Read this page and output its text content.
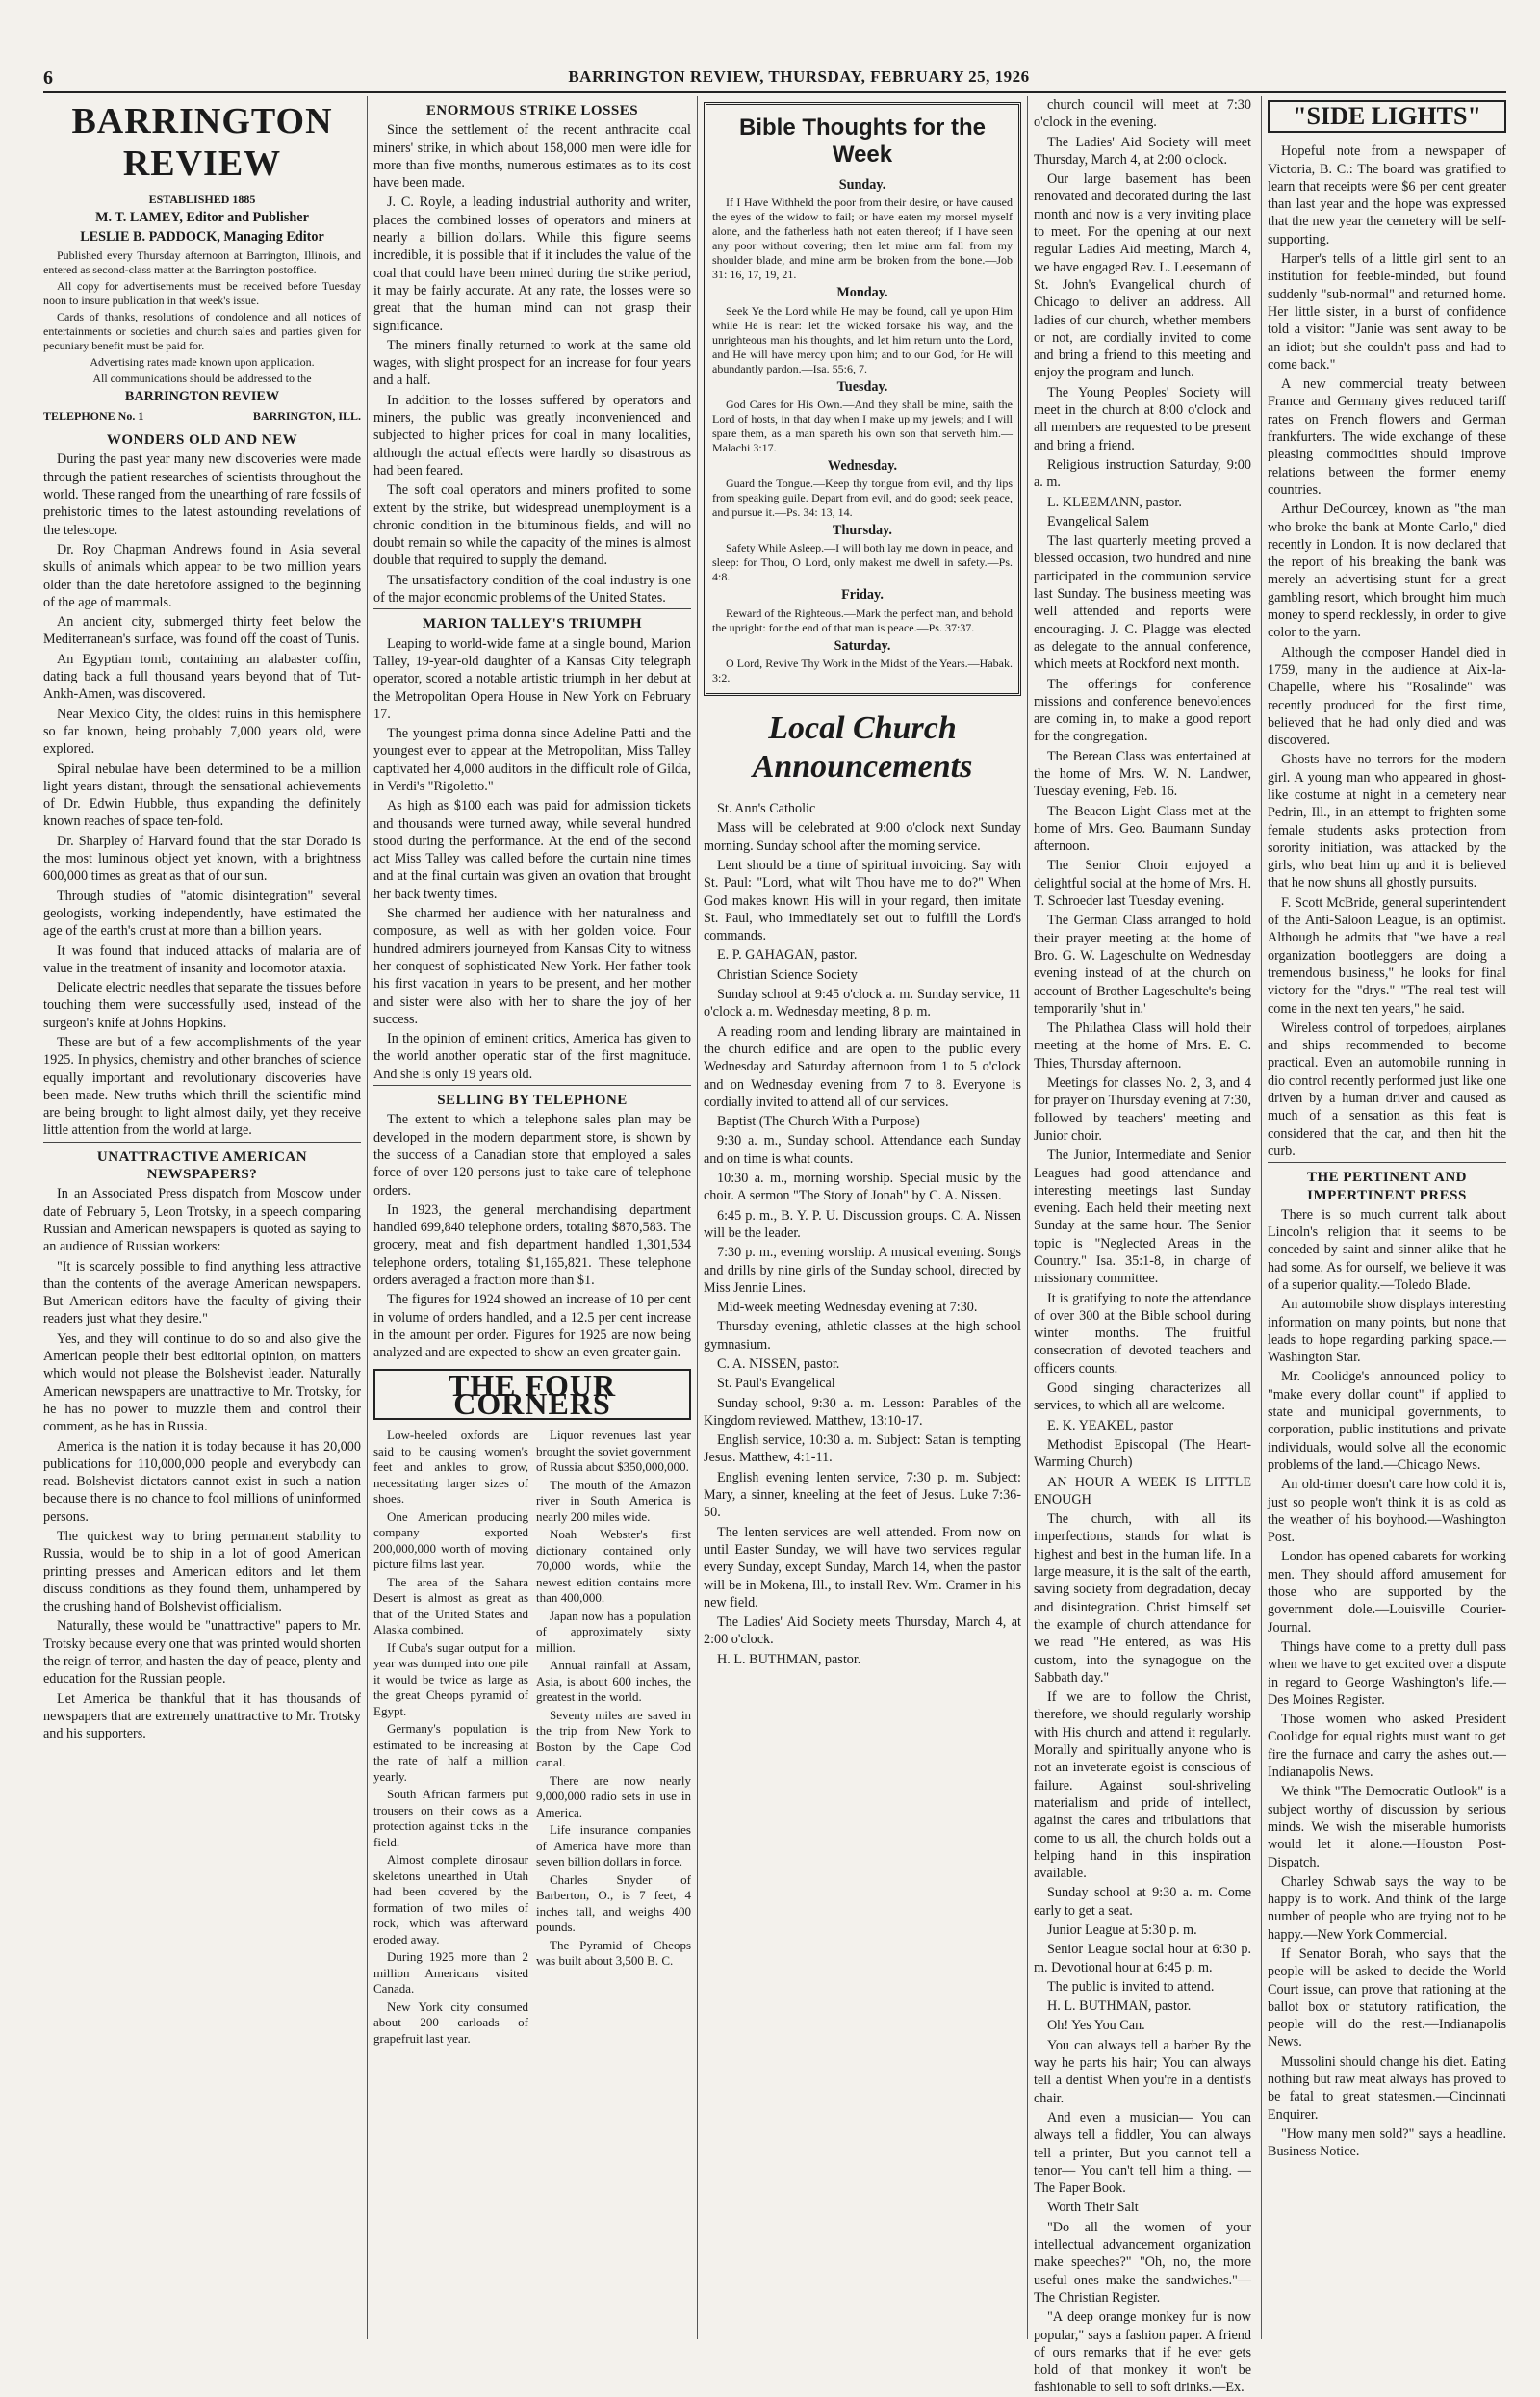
6	BARRINGTON REVIEW, THURSDAY, FEBRUARY 25, 1926
BARRINGTON REVIEW

ESTABLISHED 1885

M. T. LAMEY, Editor and Publisher

LESLIE B. PADDOCK, Managing Editor

Published every Thursday afternoon at Barrington, Illinois, and entered as second-class matter at the Barrington postoffice.

All copy for advertisements must be received before Tuesday noon to insure publication in that week's issue.

Cards of thanks, resolutions of condolence and all notices of entertainments or societies and church sales and parties given for pecuniary benefit must be paid for.

Advertising rates made known upon application.

All communications should be addressed to the

BARRINGTON REVIEW

TELEPHONE No. 1	BARRINGTON, ILL.

WONDERS OLD AND NEW

During the past year many new discoveries were made through the patient researches of scientists throughout the world. These ranged from the unearthing of rare fossils of prehistoric times to the latest astounding revelations of the telescope.

Dr. Roy Chapman Andrews found in Asia several skulls of animals which appear to be two million years older than the date heretofore assigned to the beginning of the age of mammals.

An ancient city, submerged thirty feet below the Mediterranean's surface, was found off the coast of Tunis.

An Egyptian tomb, containing an alabaster coffin, dating back a full thousand years beyond that of Tut-Ankh-Amen, was discovered.

Near Mexico City, the oldest ruins in this hemisphere so far known, being probably 7,000 years old, were explored.

Spiral nebulae have been determined to be a million light years distant, through the sensational achievements of Dr. Edwin Hubble, thus expanding the definitely known reaches of space ten-fold.

Dr. Sharpley of Harvard found that the star Dorado is the most luminous object yet known, with a brightness 600,000 times as great as that of our sun.

Through studies of "atomic disintegration" several geologists, working independently, have estimated the age of the earth's crust at more than a billion years.

It was found that induced attacks of malaria are of value in the treatment of insanity and locomotor ataxia.

Delicate electric needles that separate the tissues before touching them were successfully used, instead of the surgeon's knife at Johns Hopkins.

These are but of a few accomplishments of the year 1925. In physics, chemistry and other branches of science equally important and revolutionary discoveries have been made. New truths which thrill the scientific mind are being brought to light almost daily, yet they receive little attention from the world at large.

UNATTRACTIVE AMERICAN NEWSPAPERS?

In an Associated Press dispatch from Moscow under date of February 5, Leon Trotsky, in a speech comparing Russian and American newspapers is quoted as saying to an audience of Russian workers:

"It is scarcely possible to find anything less attractive than the contents of the average American newspapers. But American editors have the faculty of giving their readers just what they desire."

Yes, and they will continue to do so and also give the American people their best editorial opinion, on matters which would not please the Bolshevist leader. Naturally American newspapers are unattractive to Mr. Trotsky, for he has no power to muzzle them and control their comment, as he has in Russia.

America is the nation it is today because it has 20,000 publications for 110,000,000 people and everybody can read. Bolshevist dictators cannot exist in such a nation because there is no chance to fool millions of uninformed persons.

The quickest way to bring permanent stability to Russia, would be to ship in a lot of good American printing presses and American editors and let them discuss conditions as they found them, unhampered by the crushing hand of Bolshevist officialism.

Naturally, these would be "unattractive" papers to Mr. Trotsky because every one that was printed would shorten the reign of terror, and hasten the day of peace, plenty and education for the Russian people.

Let America be thankful that it has thousands of newspapers that are extremely unattractive to Mr. Trotsky and his supporters.

ENORMOUS STRIKE LOSSES

Since the settlement of the recent anthracite coal miners' strike, in which about 158,000 men were idle for more than five months, numerous estimates as to its cost have been made.

J. C. Royle, a leading industrial authority and writer, places the combined losses of operators and miners at nearly a billion dollars. While this figure seems incredible, it is possible that if it includes the value of the coal that could have been mined during the strike period, it may be fairly accurate. At any rate, the losses were so great that the human mind can not grasp their significance.

The miners finally returned to work at the same old wages, with slight prospect for an increase for four years and a half.

In addition to the losses suffered by operators and miners, the public was greatly inconvenienced and subjected to higher prices for coal in many localities, although the actual effects were hardly so disastrous as had been feared.

The soft coal operators and miners profited to some extent by the strike, but widespread unemployment is a chronic condition in the bituminous fields, and will no doubt remain so while the capacity of the mines is almost double that required to supply the demand.

The unsatisfactory condition of the coal industry is one of the major economic problems of the United States.

MARION TALLEY'S TRIUMPH

Leaping to world-wide fame at a single bound, Marion Talley, 19-year-old daughter of a Kansas City telegraph operator, scored a notable artistic triumph in her debut at the Metropolitan Opera House in New York on February 17.

The youngest prima donna since Adeline Patti and the youngest ever to appear at the Metropolitan, Miss Talley captivated her 4,000 auditors in the difficult role of Gilda, in Verdi's "Rigoletto."

As high as $100 each was paid for admission tickets and thousands were turned away, while several hundred stood during the performance. At the end of the second act Miss Talley was called before the curtain nine times and at the final curtain was given an ovation that brought her back twenty times.

She charmed her audience with her naturalness and composure, as well as with her golden voice. Four hundred admirers journeyed from Kansas City to witness her conquest of sophisticated New York. Her father took his first vacation in years to be present, and her mother and sister were also with her to share the joy of her success.

In the opinion of eminent critics, America has given to the world another operatic star of the first magnitude. And she is only 19 years old.

SELLING BY TELEPHONE

The extent to which a telephone sales plan may be developed in the modern department store, is shown by the success of a Canadian store that employed a sales force of over 120 persons just to take care of telephone orders.

In 1923, the general merchandising department handled 699,840 telephone orders, totaling $870,583. The grocery, meat and fish department handled 1,301,534 telephone orders, totaling $1,165,821. These telephone orders averaged a fraction more than $1.

The figures for 1924 showed an increase of 10 per cent in volume of orders handled, and a 12.5 per cent increase in the amount per order. Figures for 1925 are now being analyzed and are expected to show an even greater gain.

THE FOUR CORNERS

Low-heeled oxfords are said to be causing women's feet and ankles to grow, necessitating larger sizes of shoes.

One American producing company exported 200,000,000 worth of moving picture films last year.

The area of the Sahara Desert is almost as great as that of the United States and Alaska combined.

If Cuba's sugar output for a year was dumped into one pile it would be twice as large as the great Cheops pyramid of Egypt.

Germany's population is estimated to be increasing at the rate of half a million yearly.

South African farmers put trousers on their cows as a protection against ticks in the field.

Almost complete dinosaur skeletons unearthed in Utah had been covered by the formation of two miles of rock, which was afterward eroded away.

During 1925 more than 2 million Americans visited Canada.

New York city consumed about 200 carloads of grapefruit last year.

Liquor revenues last year brought the soviet government of Russia about $350,000,000.

The mouth of the Amazon river in South America is nearly 200 miles wide.

Noah Webster's first dictionary contained only 70,000 words, while the newest edition contains more than 400,000.

Japan now has a population of approximately sixty million.

Annual rainfall at Assam, Asia, is about 600 inches, the greatest in the world.

Seventy miles are saved in the trip from New York to Boston by the Cape Cod canal.

There are now nearly 9,000,000 radio sets in use in America.

Life insurance companies of America have more than seven billion dollars in force.

Charles Snyder of Barberton, O., is 7 feet, 4 inches tall, and weighs 400 pounds.

The Pyramid of Cheops was built about 3,500 B. C.

Bible Thoughts for the Week

Sunday.

If I Have Withheld the poor from their desire, or have caused the eyes of the widow to fail; or have eaten my morsel myself alone, and the fatherless hath not eaten thereof; if I have seen any poor without covering; then let mine arm fall from my shoulder blade, and mine arm be broken from the bone.—Job 31: 16, 17, 19, 21.

Monday.

Seek Ye the Lord while He may be found, call ye upon Him while He is near: let the wicked forsake his way, and the unrighteous man his thoughts, and let him return unto the Lord, and He will have mercy upon him; and to our God, for He will abundantly pardon.—Isa. 55:6, 7.

Tuesday.

God Cares for His Own.—And they shall be mine, saith the Lord of hosts, in that day when I make up my jewels; and I will spare them, as a man spareth his own son that serveth him.—Malachi 3:17.

Wednesday.

Guard the Tongue.—Keep thy tongue from evil, and thy lips from speaking guile. Depart from evil, and do good; seek peace, and pursue it.—Ps. 34: 13, 14.

Thursday.

Safety While Asleep.—I will both lay me down in peace, and sleep: for Thou, O Lord, only makest me dwell in safety.—Ps. 4:8.

Friday.

Reward of the Righteous.—Mark the perfect man, and behold the upright: for the end of that man is peace.—Ps. 37:37.

Saturday.

O Lord, Revive Thy Work in the Midst of the Years.—Habak. 3:2.

Local Church Announcements

St. Ann's Catholic

Mass will be celebrated at 9:00 o'clock next Sunday morning. Sunday school after the morning service.

Lent should be a time of spiritual invoicing. Say with St. Paul: "Lord, what wilt Thou have me to do?" When God makes known His will in your regard, then imitate St. Paul, who immediately set out to fulfill the Lord's commands.

E. P. GAHAGAN, pastor.

Christian Science Society

Sunday school at 9:45 o'clock a. m. Sunday service, 11 o'clock a. m. Wednesday meeting, 8 p. m.

A reading room and lending library are maintained in the church edifice and are open to the public every Wednesday and Saturday afternoon from 1 to 5 o'clock and on Wednesday evening from 7 to 8. Everyone is cordially invited to attend all of our services.

Baptist (The Church With a Purpose)

9:30 a. m., Sunday school. Attendance each Sunday and on time is what counts.

10:30 a. m., morning worship. Special music by the choir. A sermon "The Story of Jonah" by C. A. Nissen.

6:45 p. m., B. Y. P. U. Discussion groups. C. A. Nissen will be the leader.

7:30 p. m., evening worship. A musical evening. Songs and drills by nine girls of the Sunday school, directed by Miss Jennie Lines.

Mid-week meeting Wednesday evening at 7:30.

Thursday evening, athletic classes at the high school gymnasium.

C. A. NISSEN, pastor.

St. Paul's Evangelical

Sunday school, 9:30 a. m. Lesson: Parables of the Kingdom reviewed. Matthew, 13:10-17.

English service, 10:30 a. m. Subject: Satan is tempting Jesus. Matthew, 4:1-11.

English evening lenten service, 7:30 p. m. Subject: Mary, a sinner, kneeling at the feet of Jesus. Luke 7:36-50.

The lenten services are well attended. From now on until Easter Sunday, we will have two services regular every Sunday, except Sunday, March 14, when the pastor will be in Mokena, Ill., to install Rev. Wm. Cramer in his new field.

The Ladies' Aid Society meets Thursday, March 4, at 2:00 o'clock.

H. L. BUTHMAN, pastor.

church council will meet at 7:30 o'clock in the evening.

The Ladies' Aid Society will meet Thursday, March 4, at 2:00 o'clock.

Our large basement has been renovated and decorated during the last month and now is a very inviting place to meet. For the opening at our next regular Ladies Aid meeting, March 4, we have engaged Rev. L. Leesemann of St. John's Evangelical church of Chicago to deliver an address. All ladies of our church, whether members or not, are cordially invited to come and bring a friend to this meeting and enjoy the program and lunch.

The Young Peoples' Society will meet in the church at 8:00 o'clock and all members are requested to be present and bring a friend.

Religious instruction Saturday, 9:00 a. m.

L. KLEEMANN, pastor.

Evangelical Salem

The last quarterly meeting proved a blessed occasion, two hundred and nine participated in the communion service last Sunday. The business meeting was well attended and reports were encouraging. J. C. Plagge was elected as delegate to the annual conference, which meets at Rockford next month.

The offerings for conference missions and conference benevolences are coming in, to make a good report for the congregation.

The Berean Class was entertained at the home of Mrs. W. N. Landwer, Tuesday evening, Feb. 16.

The Beacon Light Class met at the home of Mrs. Geo. Baumann Sunday afternoon.

The Senior Choir enjoyed a delightful social at the home of Mrs. H. T. Schroeder last Tuesday evening.

The German Class arranged to hold their prayer meeting at the home of Bro. G. W. Lageschulte on Wednesday evening instead of at the church on account of Brother Lageschulte's being temporarily 'shut in.'

The Philathea Class will hold their meeting at the home of Mrs. E. C. Thies, Thursday afternoon.

Meetings for classes No. 2, 3, and 4 for prayer on Thursday evening at 7:30, followed by teachers' meeting and Junior choir.

The Junior, Intermediate and Senior Leagues had good attendance and interesting meetings last Sunday evening. Each held their meeting next Sunday at the same hour. The Senior topic is "Neglected Areas in the Country." Isa. 35:1-8, in charge of missionary committee.

It is gratifying to note the attendance of over 300 at the Bible school during winter months. The fruitful consecration of devoted teachers and officers counts.

Good singing characterizes all services, to which all are welcome.

E. K. YEAKEL, pastor

Methodist Episcopal (The Heart-Warming Church)

AN HOUR A WEEK IS LITTLE ENOUGH

The church, with all its imperfections, stands for what is highest and best in the human life. In a large measure, it is the salt of the earth, saving society from degradation, decay and disintegration. Christ himself set the example of church attendance for we read "He entered, as was His custom, into the synagogue on the Sabbath day."

If we are to follow the Christ, therefore, we should regularly worship with His church and attend it regularly. Morally and spiritually anyone who is not an inveterate egoist is conscious of failure. Against soul-shriveling materialism and pride of intellect, against the cares and tribulations that come to us all, the church holds out a helping hand in this inspiration available.

Sunday school at 9:30 a. m. Come early to get a seat.

Junior League at 5:30 p. m.

Senior League social hour at 6:30 p. m. Devotional hour at 6:45 p. m.

The public is invited to attend.

H. L. BUTHMAN, pastor.

Oh! Yes You Can.

You can always tell a barber By the way he parts his hair; You can always tell a dentist When you're in a dentist's chair.

And even a musician— You can always tell a fiddler, You can always tell a printer, But you cannot tell a tenor— You can't tell him a thing. —The Paper Book.

Worth Their Salt

"Do all the women of your intellectual advancement organization make speeches?" "Oh, no, the more useful ones make the sandwiches."—The Christian Register.

"A deep orange monkey fur is now popular," says a fashion paper. A friend of ours remarks that if he ever gets hold of that monkey it won't be fashionable to sell to soft drinks.—Ex.

"SIDE LIGHTS"

Hopeful note from a newspaper of Victoria, B. C.: The board was gratified to learn that receipts were $6 per cent greater than last year and the hope was expressed that the new year the cemetery will be self-supporting.

Harper's tells of a little girl sent to an institution for feeble-minded, but found suddenly "sub-normal" and returned home. Her little sister, in a burst of confidence told a visitor: "Janie was sent away to be an idiot; but she couldn't pass and had to come back."

A new commercial treaty between France and Germany gives reduced tariff rates on French flowers and German frankfurters. The wide exchange of these pleasing commodities should improve relations between the former enemy countries.

Arthur DeCourcey, known as "the man who broke the bank at Monte Carlo," died recently in London. It is now declared that the report of his breaking the bank was merely an advertising stunt for a great gambling resort, which brought him much money to spend recklessly, in order to give color to the yarn.

Although the composer Handel died in 1759, many in the audience at Aix-la-Chapelle, where his "Rosalinde" was recently produced for the first time, believed that he had only died and was discovered.

Ghosts have no terrors for the modern girl. A young man who appeared in ghost-like costume at night in a cemetery near Pedrin, Ill., in an attempt to frighten some female students asks protection from sorority initiation, was attacked by the girls, who beat him up and it is believed that he now shuns all ghostly pursuits.

F. Scott McBride, general superintendent of the Anti-Saloon League, is an optimist. Although he admits that "we have a real organization bootleggers are doing a tremendous business," he looks for final victory for the "drys." "The real test will come in the next ten years," he said.

Wireless control of torpedoes, airplanes and ships recommended to become practical. Even an automobile running in dio control recently performed just like one driven by a human driver and caused as much of a sensation as this feat is considered that the car, and then hit the curb.

THE PERTINENT AND IMPERTINENT PRESS

There is so much current talk about Lincoln's religion that it seems to be conceded by saint and sinner alike that he had some. As for ourself, we believe it was of a superior quality.—Toledo Blade.

An automobile show displays interesting information on many points, but none that leads to hope regarding parking space.—Washington Star.

Mr. Coolidge's announced policy to "make every dollar count" if applied to state and municipal governments, to corporation, public institutions and private individuals, would solve all the economic problems of the land.—Chicago News.

An old-timer doesn't care how cold it is, just so people won't think it is as cold as the weather of his boyhood.—Washington Post.

London has opened cabarets for working men. They should afford amusement for those who are supported by the government dole.—Louisville Courier-Journal.

Things have come to a pretty dull pass when we have to get excited over a dispute in regard to George Washington's life.—Des Moines Register.

Those women who asked President Coolidge for equal rights must want to get fire the furnace and carry the ashes out.—Indianapolis News.

We think "The Democratic Outlook" is a subject worthy of discussion by serious minds. We wish the miserable humorists would let it alone.—Houston Post-Dispatch.

Charley Schwab says the way to be happy is to work. And think of the large number of people who are trying not to be happy.—New York Commercial.

If Senator Borah, who says that the people will be asked to decide the World Court issue, can prove that rationing at the ballot box or statutory ratification, the people will do the rest.—Indianapolis News.

Mussolini should change his diet. Eating nothing but raw meat always has proved to be fatal to great statesmen.—Cincinnati Enquirer.

"How many men sold?" says a headline. Business Notice.
